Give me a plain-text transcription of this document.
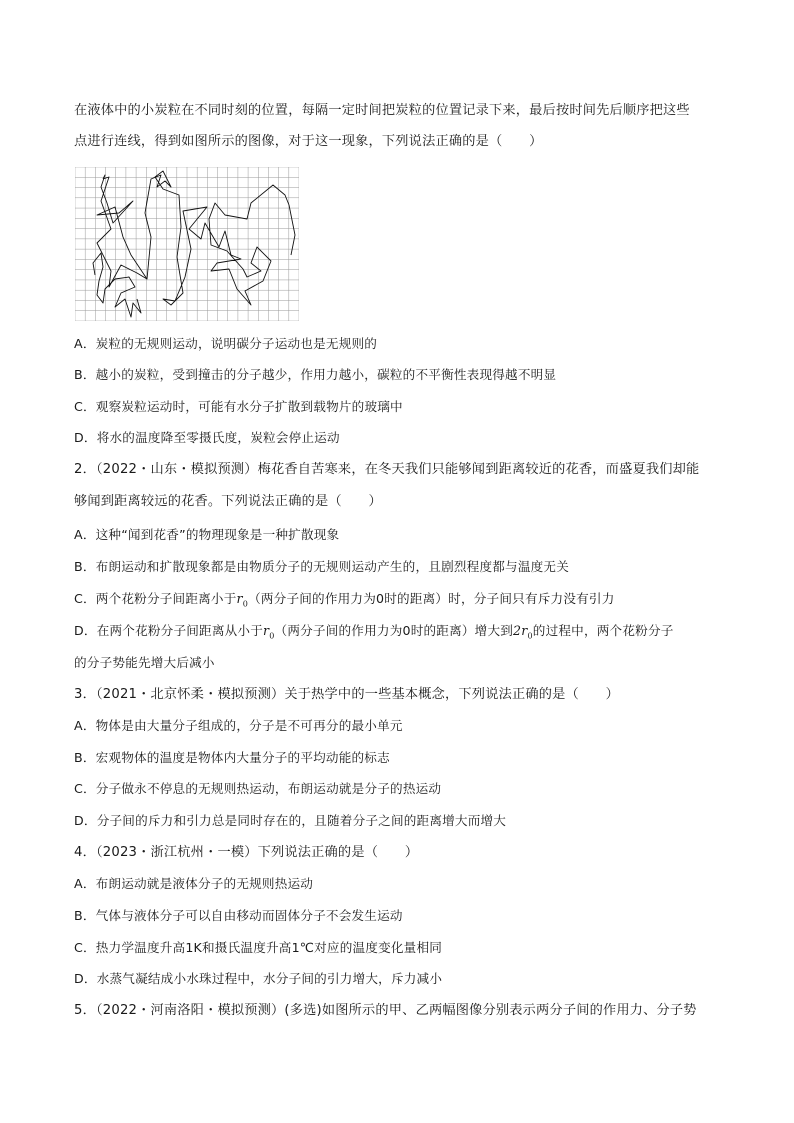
在液体中的小炭粒在不同时刻的位置，每隔一定时间把炭粒的位置记录下来，最后按时间先后顺序把这些
点进行连线，得到如图所示的图像，对于这一现象，下列说法正确的是（　　）
A．炭粒的无规则运动，说明碳分子运动也是无规则的
B．越小的炭粒，受到撞击的分子越少，作用力越小，碳粒的不平衡性表现得越不明显
C．观察炭粒运动时，可能有水分子扩散到载物片的玻璃中
D．将水的温度降至零摄氏度，炭粒会停止运动
2．（2022・山东・模拟预测）梅花香自苦寒来，在冬天我们只能够闻到距离较近的花香，而盛夏我们却能
够闻到距离较远的花香。下列说法正确的是（　　）
A．这种“闻到花香”的物理现象是一种扩散现象
B．布朗运动和扩散现象都是由物质分子的无规则运动产生的，且剧烈程度都与温度无关
C．两个花粉分子间距离小于$r_0$（两分子间的作用力为0时的距离）时，分子间只有斥力没有引力
D．在两个花粉分子间距离从小于$r_0$（两分子间的作用力为0时的距离）增大到$2r_0$的过程中，两个花粉分子
的分子势能先增大后减小
3．（2021・北京怀柔・模拟预测）关于热学中的一些基本概念，下列说法正确的是（　　）
A．物体是由大量分子组成的，分子是不可再分的最小单元
B．宏观物体的温度是物体内大量分子的平均动能的标志
C．分子做永不停息的无规则热运动，布朗运动就是分子的热运动
D．分子间的斥力和引力总是同时存在的，且随着分子之间的距离增大而增大
4．（2023・浙江杭州・一模）下列说法正确的是（　　）
A．布朗运动就是液体分子的无规则热运动
B．气体与液体分子可以自由移动而固体分子不会发生运动
C．热力学温度升高1K和摄氏温度升高1℃对应的温度变化量相同
D．水蒸气凝结成小水珠过程中，水分子间的引力增大，斥力减小
5．（2022・河南洛阳・模拟预测）(多选)如图所示的甲、乙两幅图像分别表示两分子间的作用力、分子势
